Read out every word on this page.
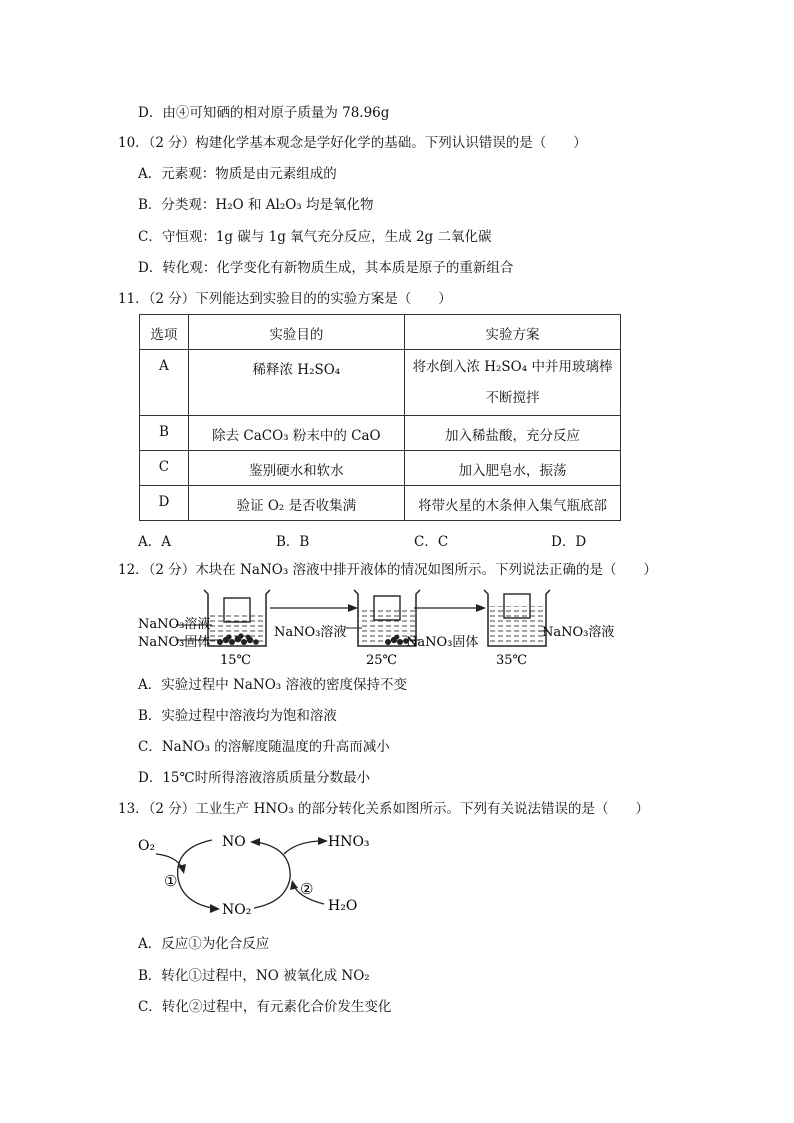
D．由④可知硒的相对原子质量为 78.96g
10．（2 分）构建化学基本观念是学好化学的基础。下列认识错误的是（　　）
A．元素观：物质是由元素组成的
B．分类观：H₂O 和 Al₂O₃ 均是氧化物
C．守恒观：1g 碳与 1g 氧气充分反应，生成 2g 二氧化碳
D．转化观：化学变化有新物质生成，其本质是原子的重新组合
11．（2 分）下列能达到实验目的的实验方案是（　　）
选项	实验目的	实验方案
A	稀释浓 H₂SO₄	将水倒入浓 H₂SO₄ 中并用玻璃棒
不断搅拌

B	除去 CaCO₃ 粉末中的 CaO	加入稀盐酸，充分反应
C	鉴别硬水和软水	加入肥皂水，振荡
D	验证 O₂ 是否收集满	将带火星的木条伸入集气瓶底部
A．A	B．B	C．C	D．D
12．（2 分）木块在 NaNO₃ 溶液中排开液体的情况如图所示。下列说法正确的是（　　）
NaNO₃溶液
NaNO₃固体
15℃
NaNO₃溶液
NaNO₃固体
25℃
NaNO₃溶液
35℃
A．实验过程中 NaNO₃ 溶液的密度保持不变
B．实验过程中溶液均为饱和溶液
C．NaNO₃ 的溶解度随温度的升高而减小
D．15℃时所得溶液溶质质量分数最小
13．（2 分）工业生产 HNO₃ 的部分转化关系如图所示。下列有关说法错误的是（　　）
O₂	NO	HNO₃
NO₂	H₂O
①	②
A．反应①为化合反应
B．转化①过程中，NO 被氧化成 NO₂
C．转化②过程中，有元素化合价发生变化
